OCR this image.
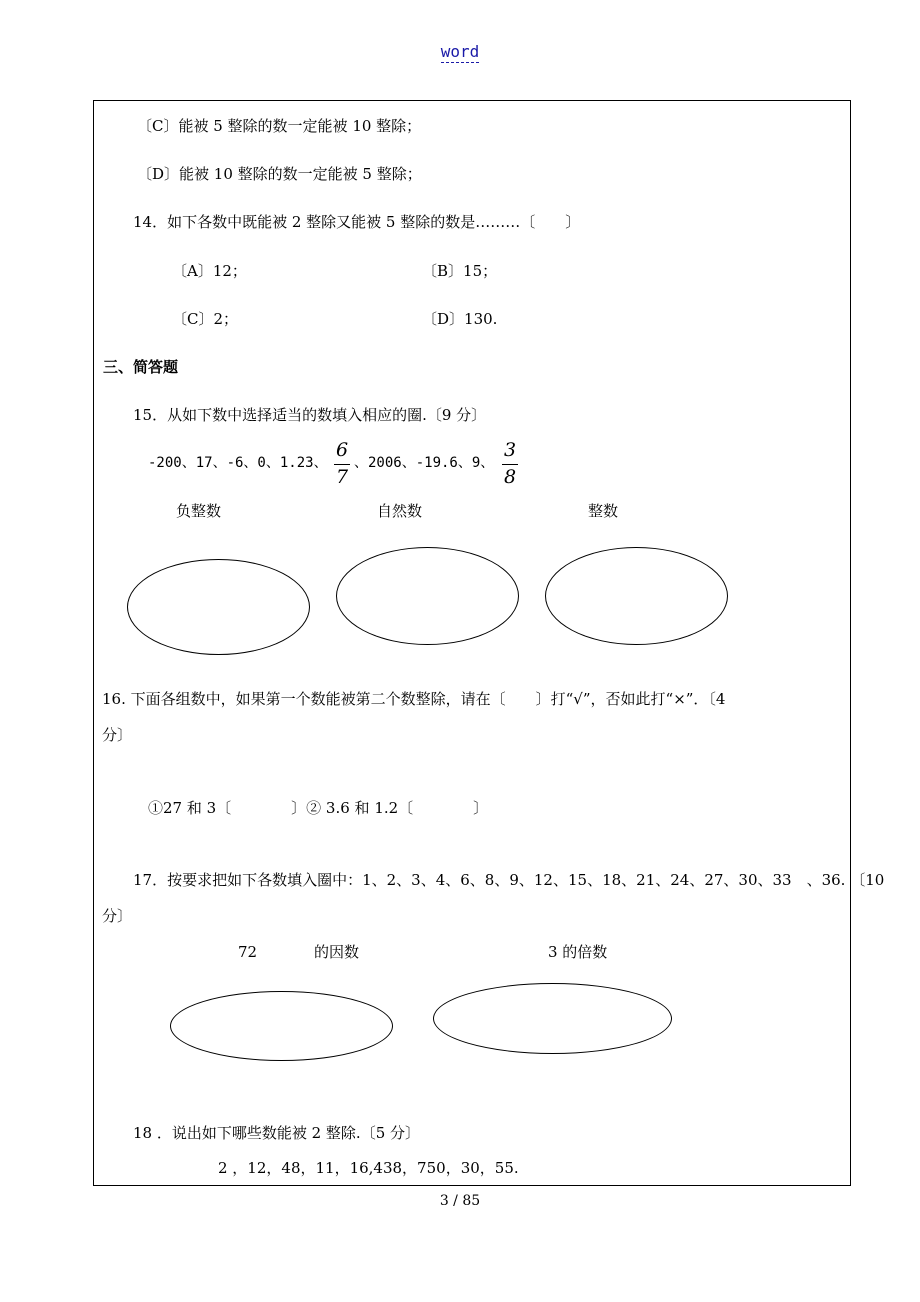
word
〔C〕能被 5 整除的数一定能被 10 整除；
〔D〕能被 10 整除的数一定能被 5 整除；
14．如下各数中既能被 2 整除又能被 5 整除的数是………〔　　〕
〔A〕12；	〔B〕15；
〔C〕2；	〔D〕130.
三、简答题
15．从如下数中选择适当的数填入相应的圈.〔9 分〕
-200、17、-6、0、1.23、
6
7
、2006、-19.6、9、
3
8
负整数	自然数	整数
16. 下面各组数中，如果第一个数能被第二个数整除，请在〔　　〕打“√”，否如此打“×”．〔4
分〕
①27 和 3〔　　　　〕② 3.6 和 1.2〔　　　　〕
17．按要求把如下各数填入圈中：1、2、3、4、6、8、9、12、15、18、21、24、27、30、33　、36. 〔10
分〕
72	的因数	3 的倍数
18 ．说出如下哪些数能被 2 整除.〔5 分〕
2 ，12，48，11，16,438，750，30，55.
3 / 85
